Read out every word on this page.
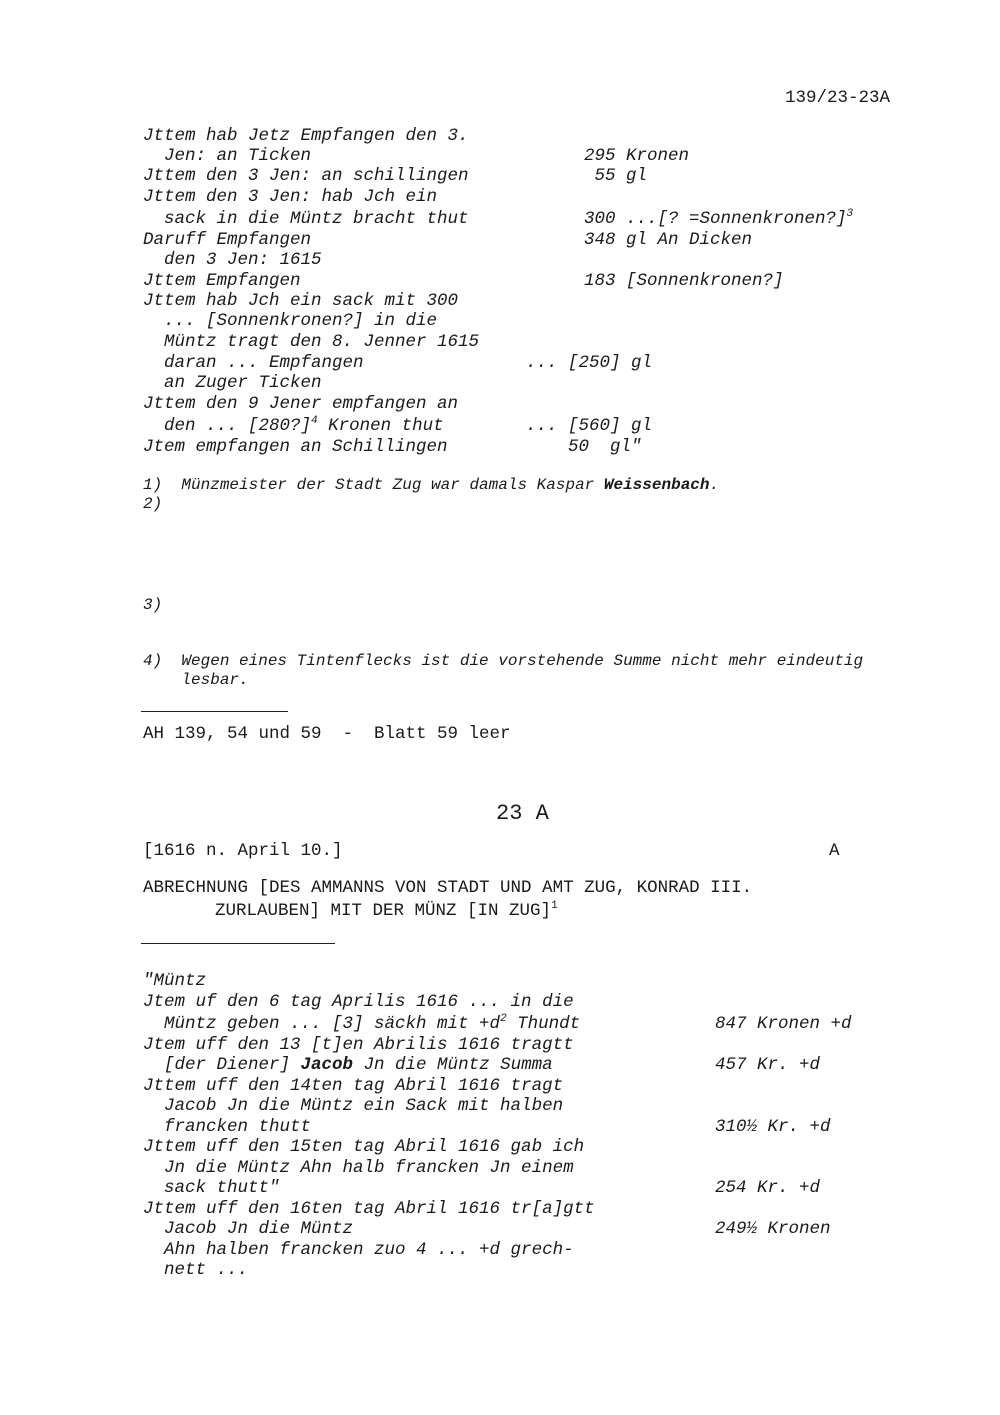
139/23-23A
Jttem hab Jetz Empfangen den 3.
Jen: an Ticken	295 Kronen
Jttem den 3 Jen: an schillingen	55 gl
Jttem den 3 Jen: hab Jch ein
sack in die Müntz bracht thut	300 ...[? =Sonnenkronen?]$^3$
Daruff Empfangen	348 gl An Dicken
den 3 Jen: 1615
Jttem Empfangen	183 [Sonnenkronen?]
Jttem hab Jch ein sack mit 300
... [Sonnenkronen?] in die
Müntz tragt den 8. Jenner 1615
daran ... Empfangen	... [250] gl
an Zuger Ticken
Jttem den 9 Jener empfangen an
den ... [280?]$^4$ Kronen thut	... [560] gl
Jtem empfangen an Schillingen	50  gl"
1)  Münzmeister der Stadt Zug war damals Kaspar Weissenbach.
2)
3)
4)  Wegen eines Tintenflecks ist die vorstehende Summe nicht mehr eindeutig
lesbar.
AH 139, 54 und 59  -  Blatt 59 leer
23 A
[1616 n. April 10.]	A
ABRECHNUNG [DES AMMANNS VON STADT UND AMT ZUG, KONRAD III.
ZURLAUBEN] MIT DER MÜNZ [IN ZUG]$^1$
"Müntz
Jtem uf den 6 tag Aprilis 1616 ... in die
Müntz geben ... [3] säckh mit $+d^2$ Thundt	847 Kronen +d
Jtem uff den 13 [t]en Abrilis 1616 tragtt
[der Diener] Jacob Jn die Müntz Summa	457 Kr. +d
Jttem uff den 14ten tag Abril 1616 tragt
Jacob Jn die Müntz ein Sack mit halben
francken thutt	310½ Kr. +d
Jttem uff den 15ten tag Abril 1616 gab ich
Jn die Müntz Ahn halb francken Jn einem
sack thutt"	254 Kr. +d
Jttem uff den 16ten tag Abril 1616 tr[a]gtt
Jacob Jn die Müntz	249½ Kronen
Ahn halben francken zuo 4 ... +d grech-
nett ...
